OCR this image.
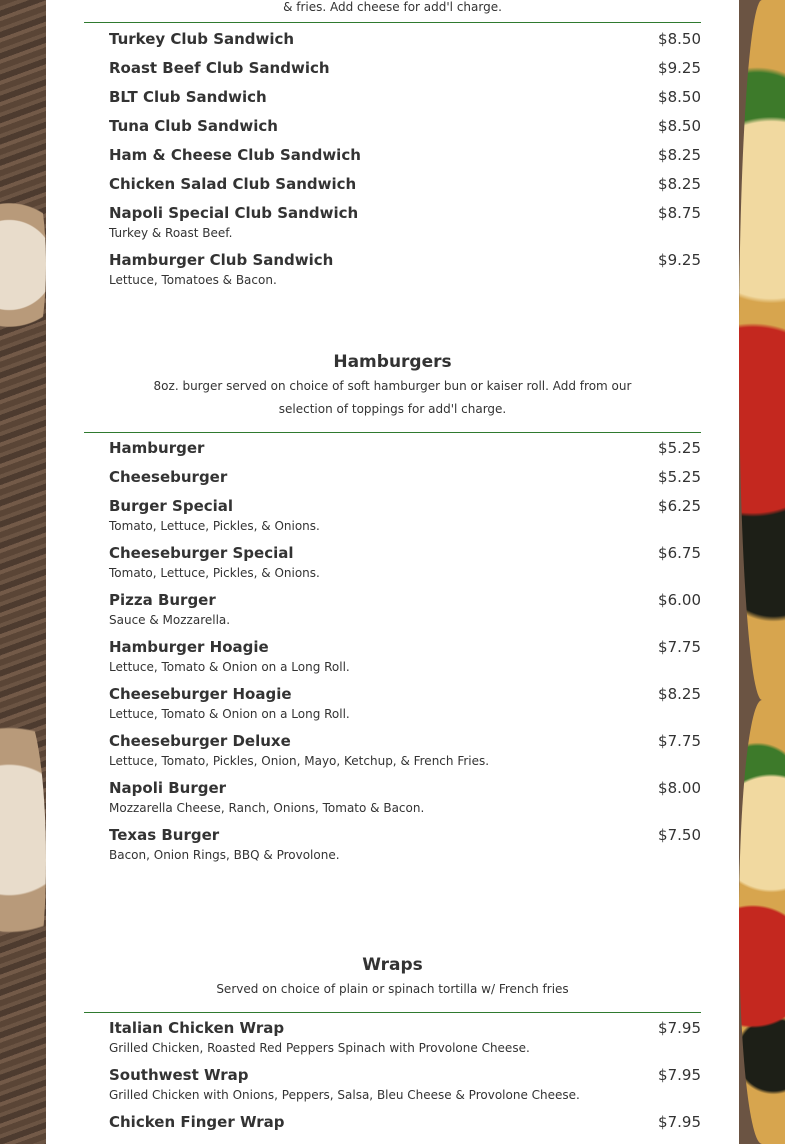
& fries. Add cheese for add'l charge.
Turkey Club Sandwich	$8.50
Roast Beef Club Sandwich	$9.25
BLT Club Sandwich	$8.50
Tuna Club Sandwich	$8.50
Ham & Cheese Club Sandwich	$8.25
Chicken Salad Club Sandwich	$8.25
Napoli Special Club Sandwich	$8.75
Turkey & Roast Beef.
Hamburger Club Sandwich	$9.25
Lettuce, Tomatoes & Bacon.
Hamburgers
8oz. burger served on choice of soft hamburger bun or kaiser roll. Add from our
selection of toppings for add'l charge.
Hamburger	$5.25
Cheeseburger	$5.25
Burger Special	$6.25
Tomato, Lettuce, Pickles, & Onions.
Cheeseburger Special	$6.75
Tomato, Lettuce, Pickles, & Onions.
Pizza Burger	$6.00
Sauce & Mozzarella.
Hamburger Hoagie	$7.75
Lettuce, Tomato & Onion on a Long Roll.
Cheeseburger Hoagie	$8.25
Lettuce, Tomato & Onion on a Long Roll.
Cheeseburger Deluxe	$7.75
Lettuce, Tomato, Pickles, Onion, Mayo, Ketchup, & French Fries.
Napoli Burger	$8.00
Mozzarella Cheese, Ranch, Onions, Tomato & Bacon.
Texas Burger	$7.50
Bacon, Onion Rings, BBQ & Provolone.
Wraps
Served on choice of plain or spinach tortilla w/ French fries
Italian Chicken Wrap	$7.95
Grilled Chicken, Roasted Red Peppers Spinach with Provolone Cheese.
Southwest Wrap	$7.95
Grilled Chicken with Onions, Peppers, Salsa, Bleu Cheese & Provolone Cheese.
Chicken Finger Wrap	$7.95
